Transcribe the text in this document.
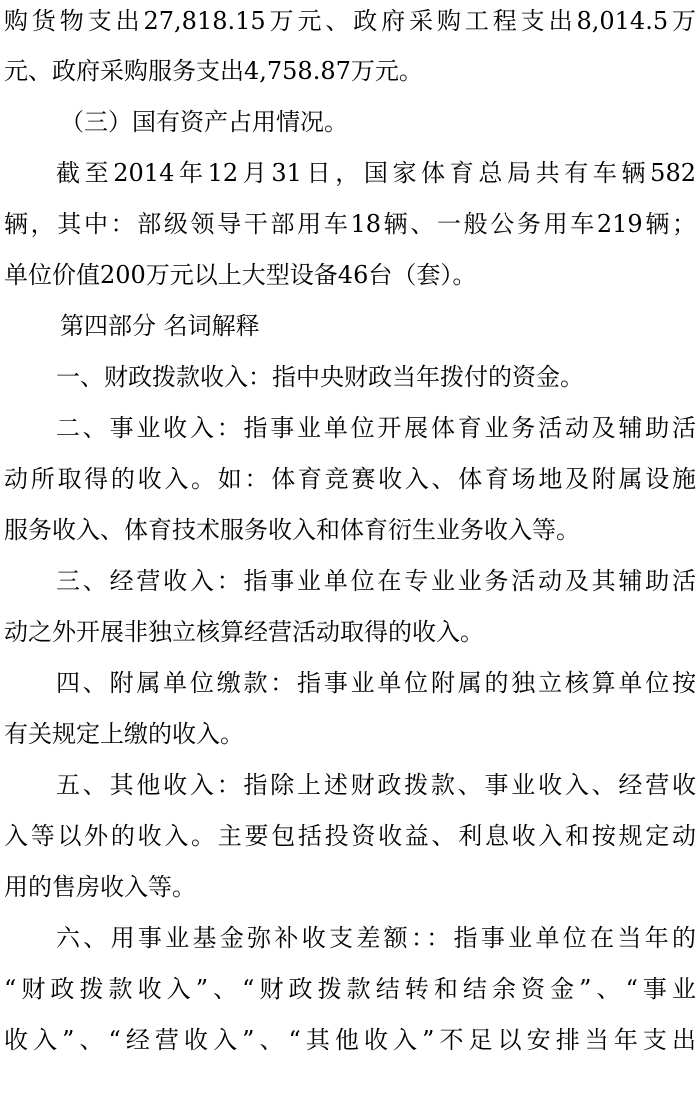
购货物支出27,818.15万元、政府采购工程支出8,014.5万
元、政府采购服务支出4,758.87万元。
（三）国有资产占用情况。
截至2014年12月31日，国家体育总局共有车辆582
辆，其中：部级领导干部用车18辆、一般公务用车219辆；
单位价值200万元以上大型设备46台（套）。
第四部分 名词解释
一、财政拨款收入：指中央财政当年拨付的资金。
二、事业收入：指事业单位开展体育业务活动及辅助活
动所取得的收入。如：体育竞赛收入、体育场地及附属设施
服务收入、体育技术服务收入和体育衍生业务收入等。
三、经营收入：指事业单位在专业业务活动及其辅助活
动之外开展非独立核算经营活动取得的收入。
四、附属单位缴款：指事业单位附属的独立核算单位按
有关规定上缴的收入。
五、其他收入：指除上述财政拨款、事业收入、经营收
入等以外的收入。主要包括投资收益、利息收入和按规定动
用的售房收入等。
六、用事业基金弥补收支差额：：指事业单位在当年的
“财政拨款收入”、“财政拨款结转和结余资金”、“事业
收入”、“经营收入”、“其他收入”不足以安排当年支出
